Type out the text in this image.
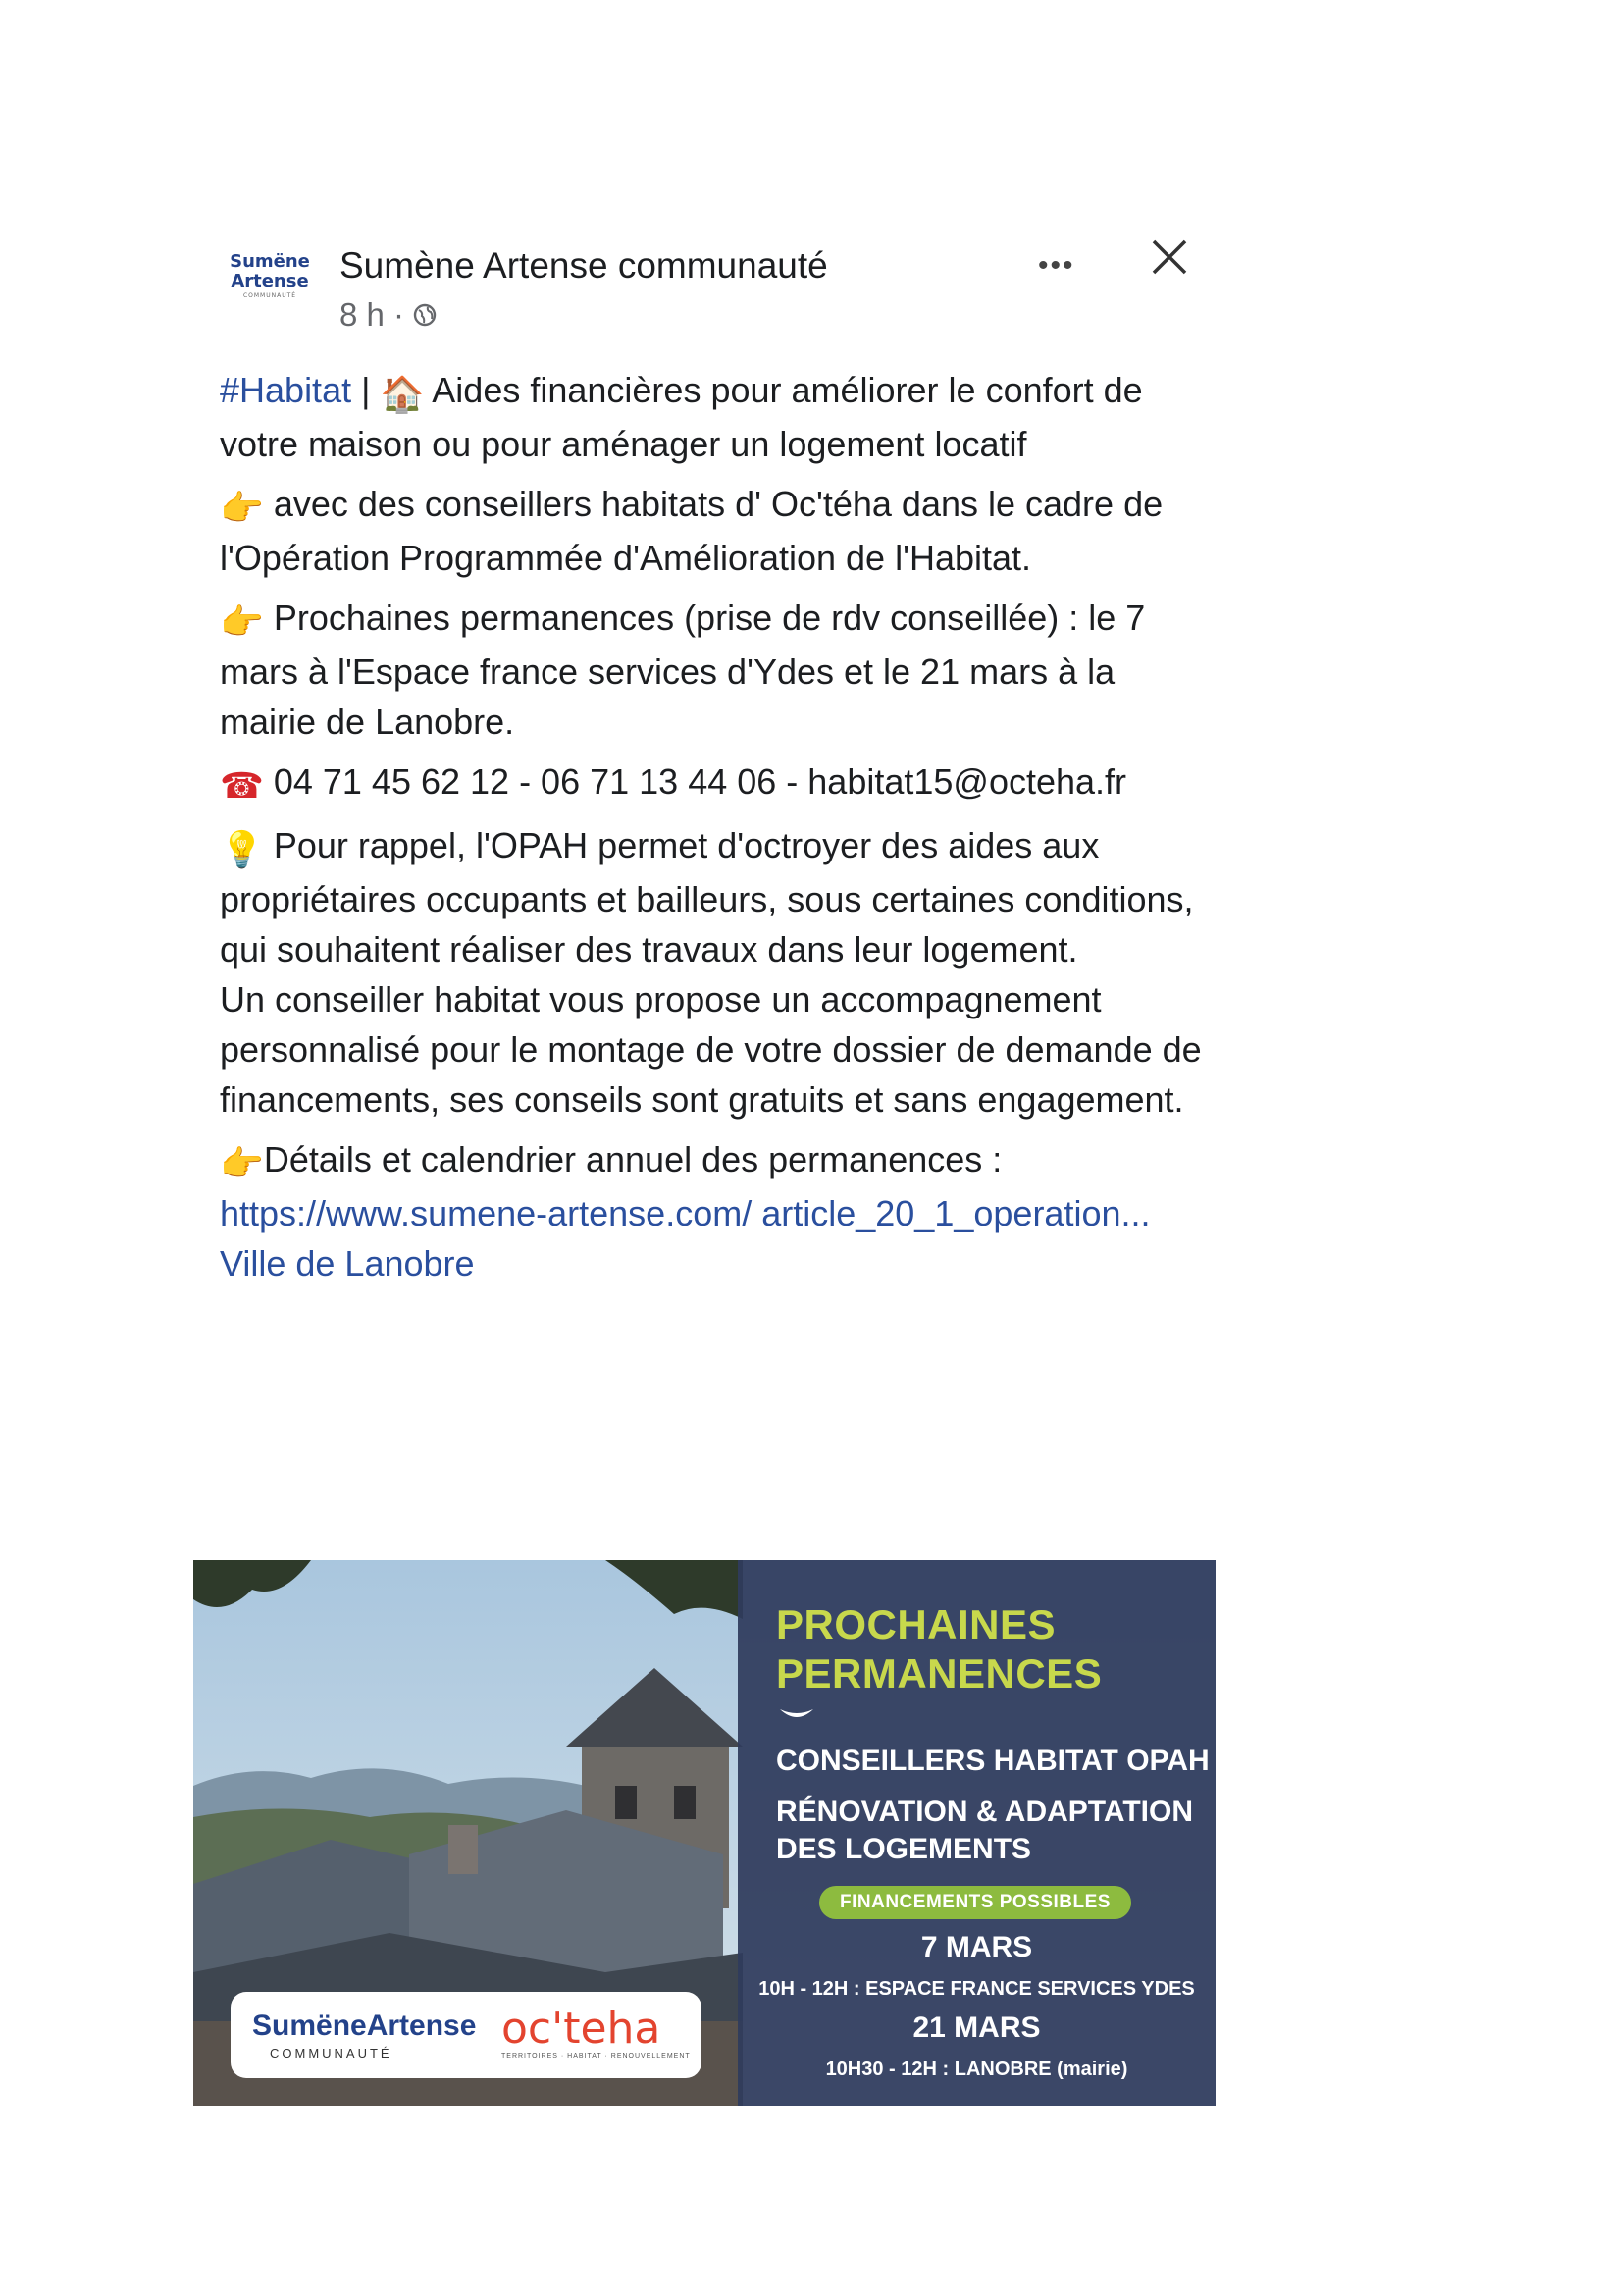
Sumëne
Artense
COMMUNAUTÉ
Sumène Artense communauté
8 h ·
•••

#Habitat | 🏠 Aides financières pour améliorer le confort de votre maison ou pour aménager un logement locatif

👉 avec des conseillers habitats d' Oc'téha dans le cadre de l'Opération Programmée d'Amélioration de l'Habitat.

👉 Prochaines permanences (prise de rdv conseillée) : le 7 mars à l'Espace france services d'Ydes et le 21 mars à la mairie de Lanobre.

☎ 04 71 45 62 12 - 06 71 13 44 06 - habitat15@octeha.fr

💡 Pour rappel, l'OPAH permet d'octroyer des aides aux propriétaires occupants et bailleurs, sous certaines conditions, qui souhaitent réaliser des travaux dans leur logement.
Un conseiller habitat vous propose un accompagnement personnalisé pour le montage de votre dossier de demande de financements, ses conseils sont gratuits et sans engagement.

👉Détails et calendrier annuel des permanences :
https://www.sumene-artense.com/ article_20_1_operation...
Ville de Lanobre

PROCHAINES
PERMANENCES
CONSEILLERS HABITAT OPAH
RÉNOVATION & ADAPTATION
DES LOGEMENTS
FINANCEMENTS POSSIBLES
7 MARS
10H - 12H : ESPACE FRANCE SERVICES YDES
21 MARS
10H30 - 12H : LANOBRE (mairie)
SumëneArtense
COMMUNAUTÉ	oc'teha
TERRITOIRES · HABITAT · RENOUVELLEMENT
